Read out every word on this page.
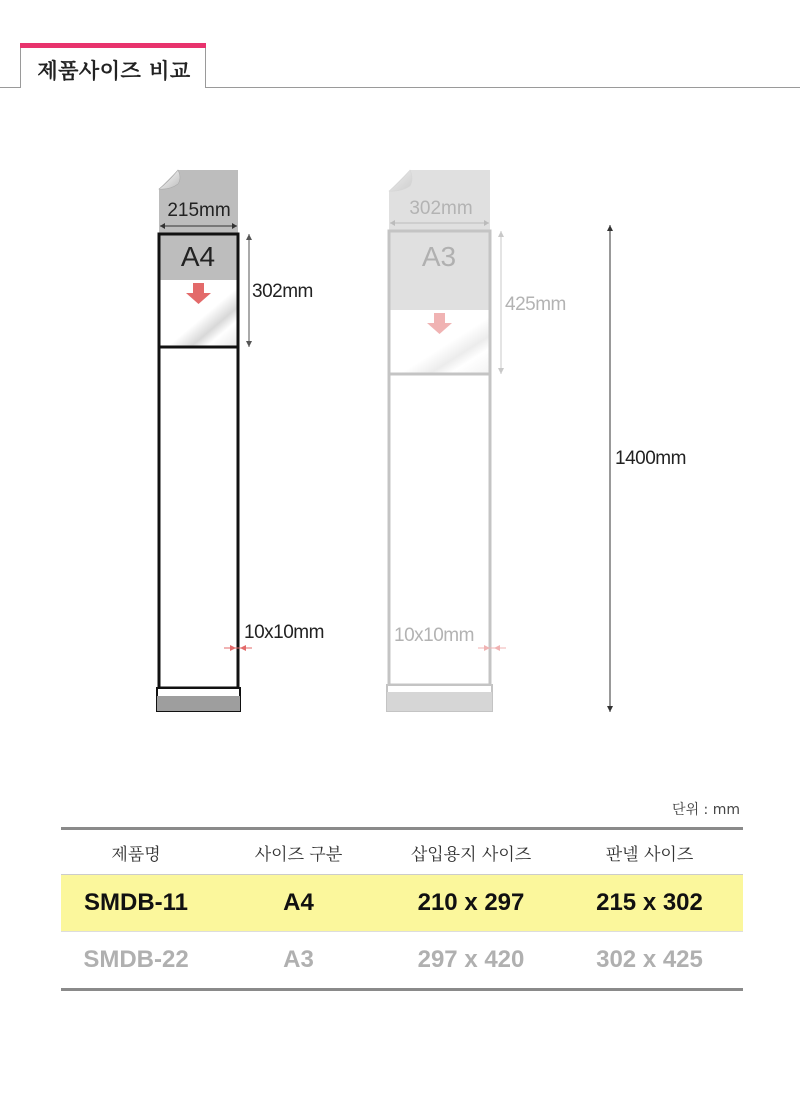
제품사이즈 비교
215mm
A4
302mm
10x10mm
302mm
A3
425mm
10x10mm
1400mm
단위 : mm
제품명	사이즈 구분	삽입용지 사이즈	판넬 사이즈
SMDB-11	A4	210 x 297	215 x 302
SMDB-22	A3	297 x 420	302 x 425
